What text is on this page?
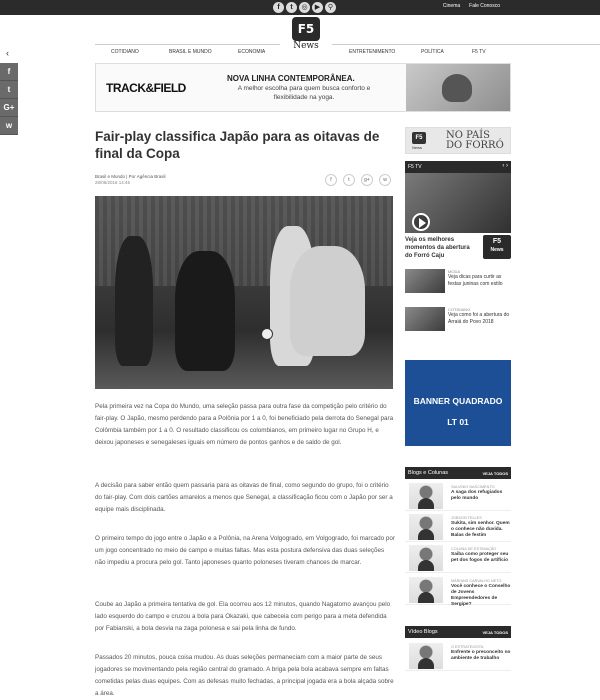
f	t	◎	▶	⚲	Cinema Fale Conosco
F5
News
‹	COTIDIANO	BRASIL E MUNDO	ECONOMIA	ENTRETENIMENTO	POLÍTICA	F5 TV
f
t
G+
w
TRACK&FIELD
NOVA LINHA CONTEMPORÂNEA.
A melhor escolha para quem busca conforto e flexibilidade na yoga.
Fair-play classifica Japão para as oitavas de final da Copa
Brasil e Mundo | Por Agência Brasil
28/06/2018 14:45	f	t	g+	w

Pela primeira vez na Copa do Mundo, uma seleção passa para outra fase da competição pelo critério do fair-play. O Japão, mesmo perdendo para a Polônia por 1 a 0, foi beneficiado pela derrota do Senegal para Colômbia também por 1 a 0. O resultado classificou os colombianos, em primeiro lugar no Grupo H, e deixou japoneses e senegaleses iguais em número de pontos ganhos e de saldo de gol.

A decisão para saber então quem passaria para as oitavas de final, como segundo do grupo, foi o critério do fair-play. Com dois cartões amarelos a menos que Senegal, a classificação ficou com o Japão por ser a equipe mais disciplinada.

O primeiro tempo do jogo entre o Japão e a Polônia, na Arena Volgogrado, em Volgogrado, foi marcado por um jogo concentrado no meio de campo e muitas faltas. Mas esta postura defensiva das duas seleções não impediu a procura pelo gol. Tanto japoneses quanto poloneses tiveram chances de marcar.

Coube ao Japão a primeira tentativa de gol. Ela ocorreu aos 12 minutos, quando Nagatomo avançou pelo lado esquerdo do campo e cruzou a bola para Okazaki, que cabeceia com perigo para a meta defendida por Fabianski, a bola desvia na zaga polonesa e sai pela linha de fundo.

Passados 20 minutos, pouca coisa mudou. As duas seleções permaneciam com a maior parte de seus jogadores se movimentando pela região central do gramado. A briga pela bola acabava sempre em faltas cometidas pelas duas equipes. Com as defesas muito fechadas, a principal jogada era a bola alçada sobre a área.

F5
News
NO PAÍS
DO FORRÓ
F5 TV	‹ ›
Veja os melhores momentos da abertura do Forró Caju
F5
News
MODA
Veja dicas para curtir as festas juninas com estilo
COTIDIANO
Veja como foi a abertura do Arraiá do Povo 2018
BANNER QUADRADO
LT 01
Blogs e Colunas	VEJA TODOS
SALVINIO NASCIMENTO
A saga dos refugiados pelo mundo
JOBSON TELLES
Sukita, sim senhor. Quem o conhece não duvida. Balas de festim
COLUNA DE ESTIMAÇÃO
Saiba como proteger seu pet dos fogos de artifício
MÁRIANS CARVALHO NETO
Você conhece o Conselho de Jovens Empreendedores de Sergipe?
Vídeo Blogs	VEJA TODOS
O ESTRATEGISTA
Enfrente o preconceito no ambiente de trabalho
